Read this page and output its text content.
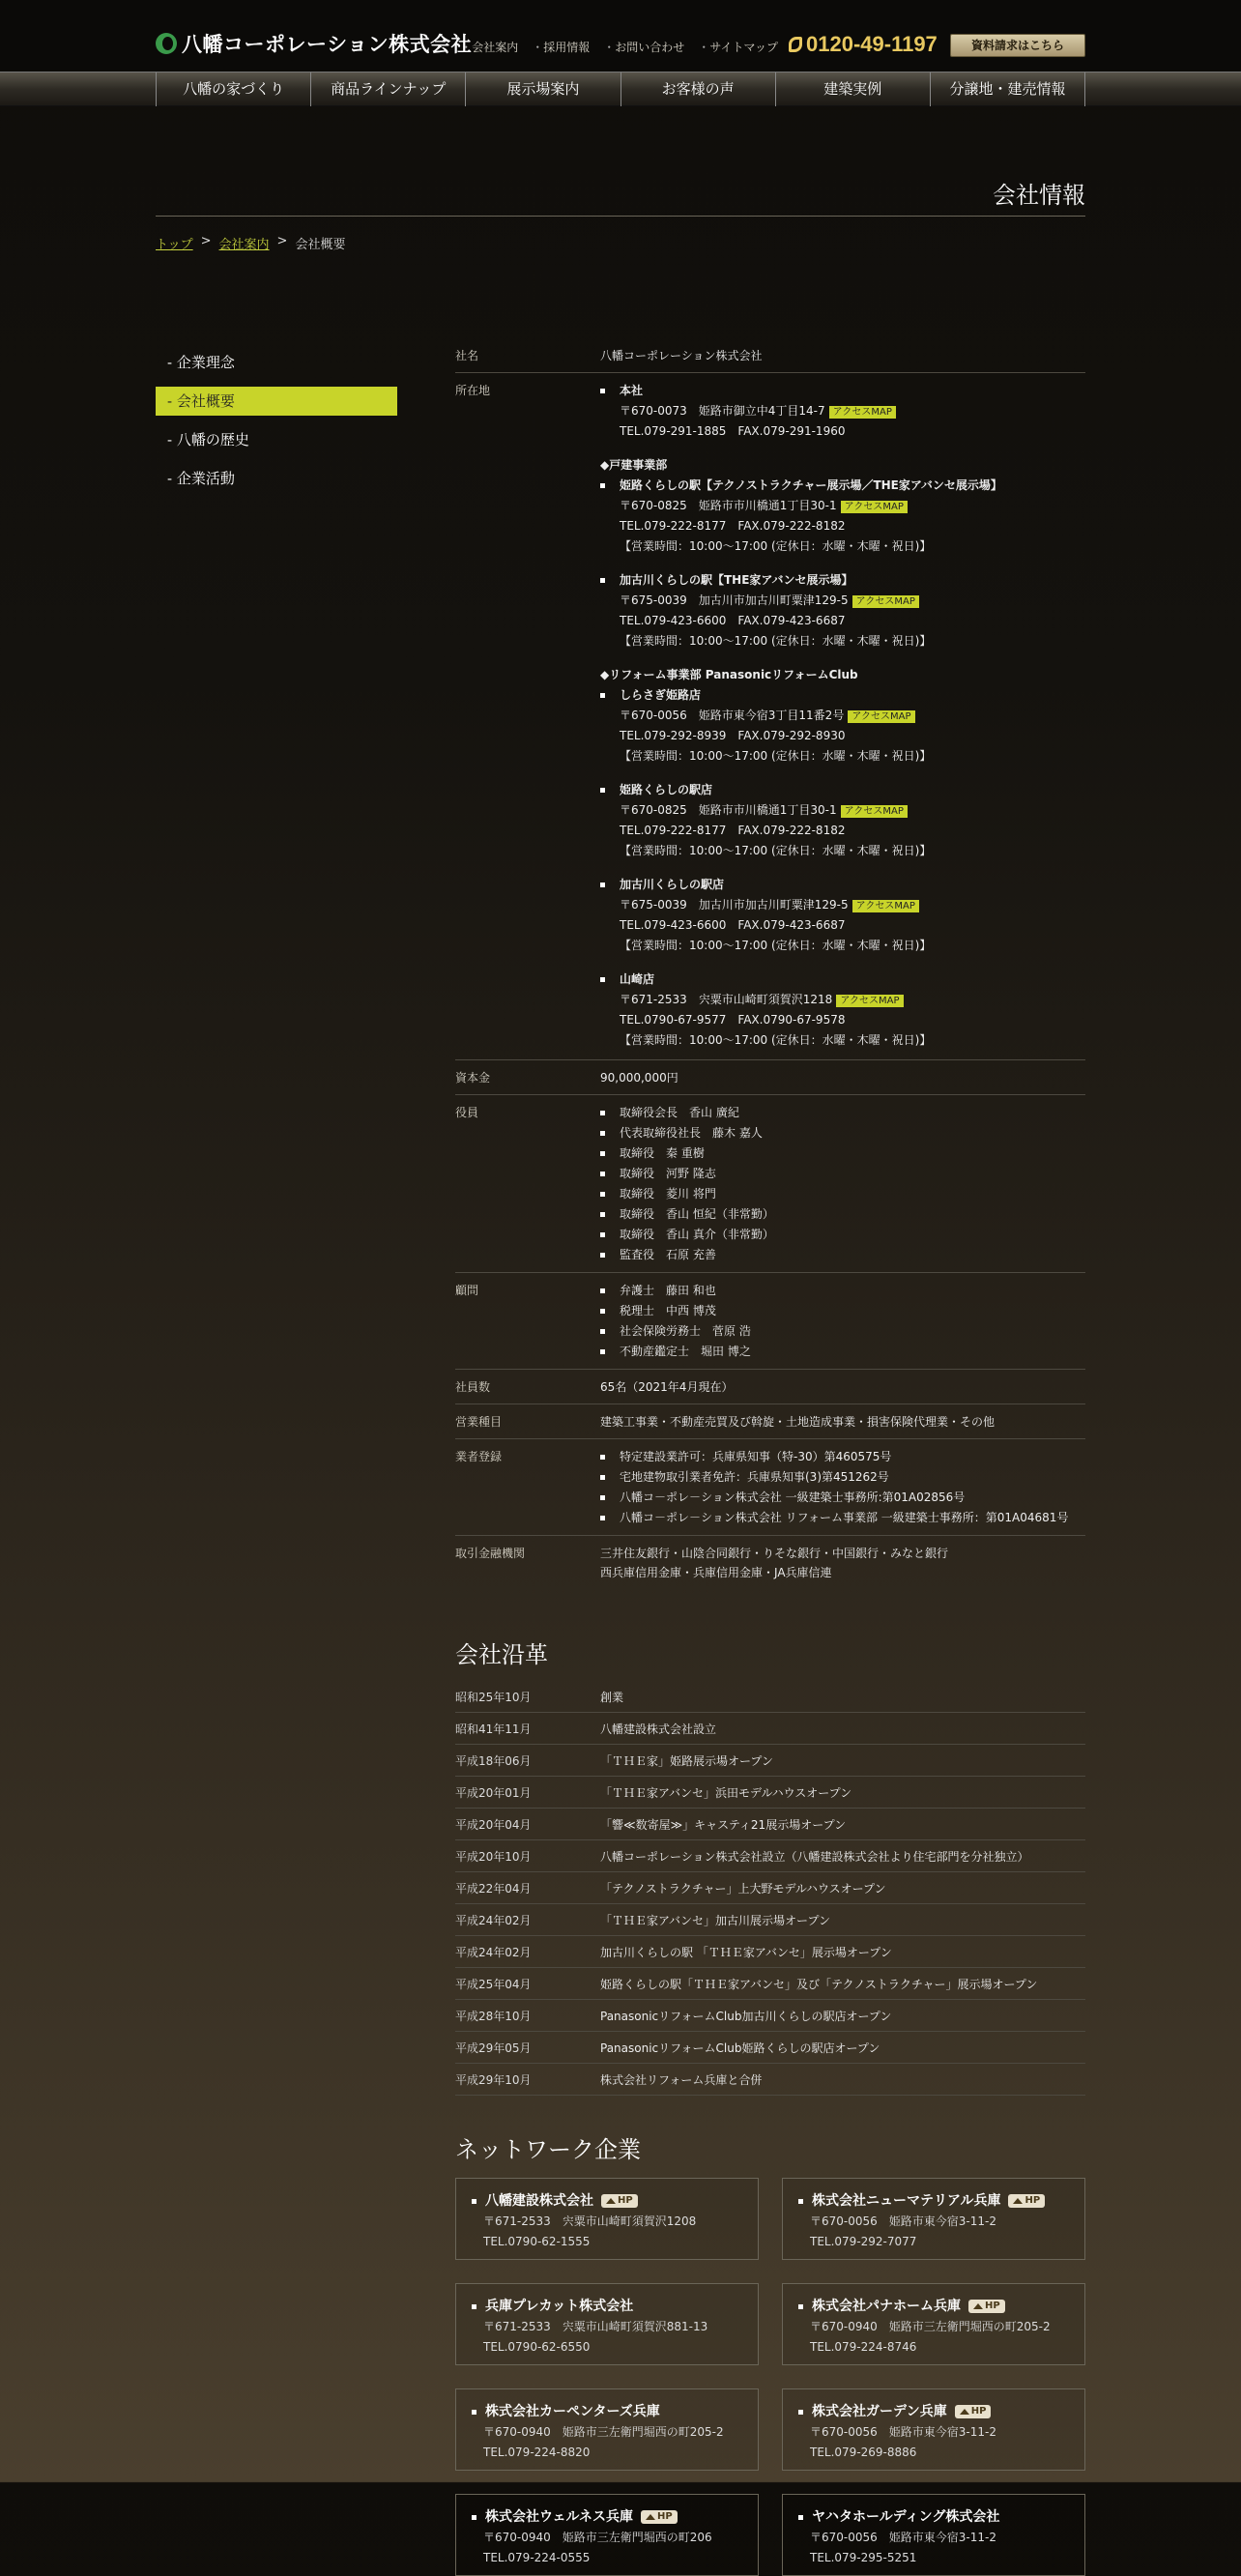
八幡コーポレーション株式会社 ・ 会社案内	・ 採用情報	・ お問い合わせ	・ サイトマップ 0120-49-1197	資料請求はこちら
八幡の家づくり	商品ラインナップ	展示場案内	お客様の声	建築実例	分譲地・建売情報
会社情報
トップ > 会社案内 > 会社概要
- 企業理念
- 会社概要
- 八幡の歴史
- 企業活動
社名	八幡コーポレーション株式会社
所在地	本社
〒670-0073　姫路市御立中4丁目14-7 アクセスMAP
TEL.079-291-1885　FAX.079-291-1960
◆戸建事業部
姫路くらしの駅【テクノストラクチャー展示場／THE家アバンセ展示場】
〒670-0825　姫路市市川橋通1丁目30-1 アクセスMAP
TEL.079-222-8177　FAX.079-222-8182
【営業時間：10:00～17:00 (定休日：水曜・木曜・祝日)】
加古川くらしの駅【THE家アバンセ展示場】
〒675-0039　加古川市加古川町粟津129-5 アクセスMAP
TEL.079-423-6600　FAX.079-423-6687
【営業時間：10:00～17:00 (定休日：水曜・木曜・祝日)】
◆リフォーム事業部 PanasonicリフォームClub
しらさぎ姫路店
〒670-0056　姫路市東今宿3丁目11番2号 アクセスMAP
TEL.079-292-8939　FAX.079-292-8930
【営業時間：10:00～17:00 (定休日：水曜・木曜・祝日)】
姫路くらしの駅店
〒670-0825　姫路市市川橋通1丁目30-1 アクセスMAP
TEL.079-222-8177　FAX.079-222-8182
【営業時間：10:00～17:00 (定休日：水曜・木曜・祝日)】
加古川くらしの駅店
〒675-0039　加古川市加古川町粟津129-5 アクセスMAP
TEL.079-423-6600　FAX.079-423-6687
【営業時間：10:00～17:00 (定休日：水曜・木曜・祝日)】
山崎店
〒671-2533　宍粟市山崎町須賀沢1218 アクセスMAP
TEL.0790-67-9577　FAX.0790-67-9578
【営業時間：10:00～17:00 (定休日：水曜・木曜・祝日)】
資本金	90,000,000円
役員	取締役会長　香山 廣紀
代表取締役社長　藤木 嘉人
取締役　秦 重樹
取締役　河野 隆志
取締役　菱川 将門
取締役　香山 恒紀（非常勤）
取締役　香山 真介（非常勤）
監査役　石原 充善
顧問	弁護士　藤田 和也
税理士　中西 博茂
社会保険労務士　菅原 浩
不動産鑑定士　堀田 博之
社員数	65名（2021年4月現在）
営業種目	建築工事業・不動産売買及び斡旋・土地造成事業・損害保険代理業・その他
業者登録	特定建設業許可：兵庫県知事（特-30）第460575号
宅地建物取引業者免許：兵庫県知事(3)第451262号
八幡コ－ポレ－ション株式会社 一級建築士事務所:第01A02856号
八幡コ－ポレ－ション株式会社 リフォーム事業部 一級建築士事務所：第01A04681号
取引金融機関	三井住友銀行・山陰合同銀行・りそな銀行・中国銀行・みなと銀行
西兵庫信用金庫・兵庫信用金庫・JA兵庫信連
会社沿革
昭和25年10月	創業
昭和41年11月	八幡建設株式会社設立
平成18年06月	「ＴＨＥ家」姫路展示場オープン
平成20年01月	「ＴＨＥ家アバンセ」浜田モデルハウスオープン
平成20年04月	「響≪数寄屋≫」キャスティ21展示場オープン
平成20年10月	八幡コーポレーション株式会社設立（八幡建設株式会社より住宅部門を分社独立）
平成22年04月	「テクノストラクチャー」上大野モデルハウスオープン
平成24年02月	「ＴＨＥ家アバンセ」加古川展示場オープン
平成24年02月	加古川くらしの駅 「ＴＨＥ家アバンセ」展示場オープン
平成25年04月	姫路くらしの駅「ＴＨＥ家アバンセ」及び「テクノストラクチャー」展示場オープン
平成28年10月	PanasonicリフォームClub加古川くらしの駅店オープン
平成29年05月	PanasonicリフォームClub姫路くらしの駅店オープン
平成29年10月	株式会社リフォーム兵庫と合併
ネットワーク企業
八幡建設株式会社	HP
〒671-2533　宍粟市山崎町須賀沢1208
TEL.0790-62-1555
株式会社ニューマテリアル兵庫	HP
〒670-0056　姫路市東今宿3-11-2
TEL.079-292-7077
兵庫プレカット株式会社
〒671-2533　宍粟市山崎町須賀沢881-13
TEL.0790-62-6550
株式会社パナホーム兵庫	HP
〒670-0940　姫路市三左衛門堀西の町205-2
TEL.079-224-8746
株式会社カーペンターズ兵庫
〒670-0940　姫路市三左衛門堀西の町205-2
TEL.079-224-8820
株式会社ガーデン兵庫	HP
〒670-0056　姫路市東今宿3-11-2
TEL.079-269-8886
株式会社ウェルネス兵庫	HP
〒670-0940　姫路市三左衛門堀西の町206
TEL.079-224-0555
ヤハタホールディング株式会社
〒670-0056　姫路市東今宿3-11-2
TEL.079-295-5251
